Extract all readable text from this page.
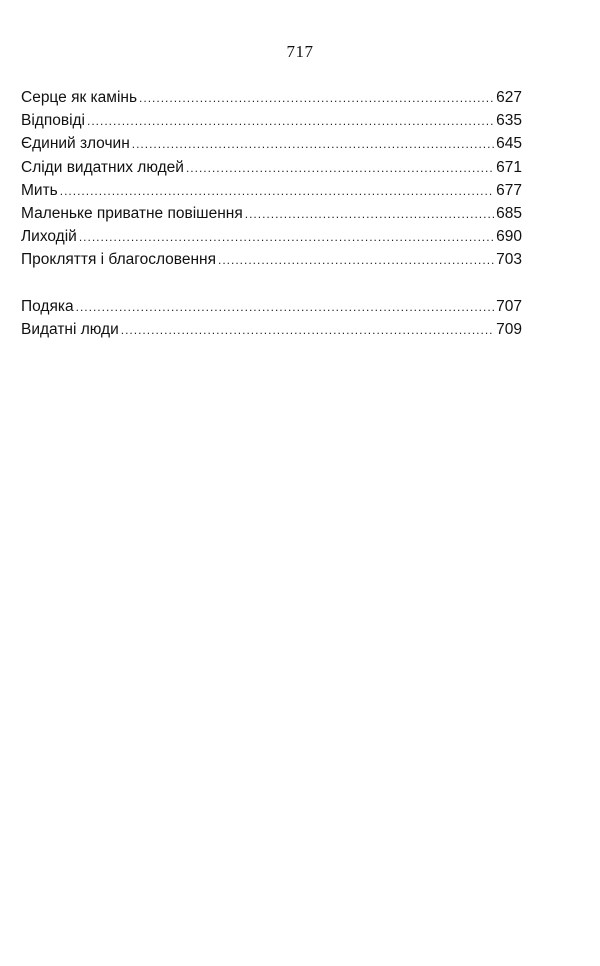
717
Серце як камінь .....	627
Відповіді .....	635
Єдиний злочин .....	645
Сліди видатних людей .....	671
Мить .....	677
Маленьке приватне повішення .....	685
Лиходій .....	690
Прокляття і благословення .....	703
Подяка .....	707
Видатні люди .....	709
